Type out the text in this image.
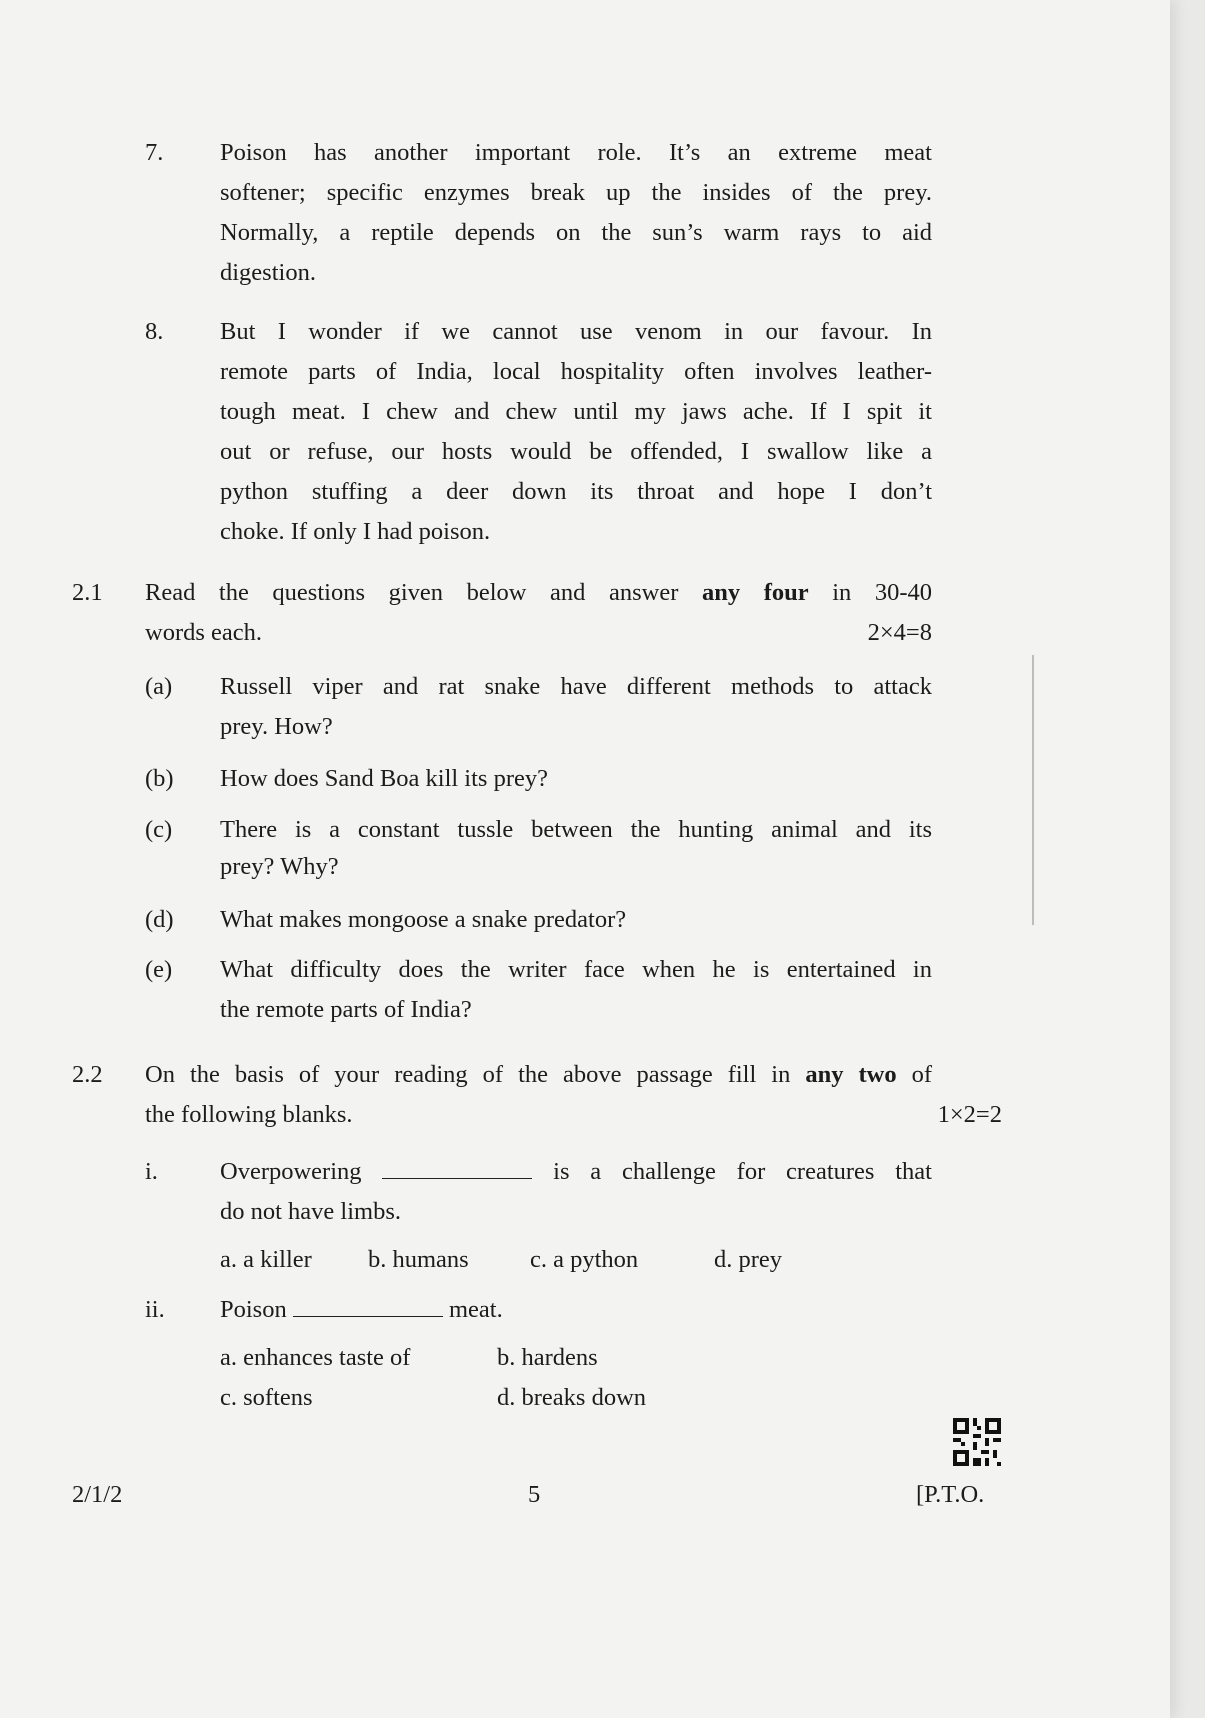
7. Poison has another important role. It’s an extreme meat
softener; specific enzymes break up the insides of the prey.
Normally, a reptile depends on the sun’s warm rays to aid
digestion.
8. But I wonder if we cannot use venom in our favour. In
remote parts of India, local hospitality often involves leather-
tough meat. I chew and chew until my jaws ache. If I spit it
out or refuse, our hosts would be offended, I swallow like a
python stuffing a deer down its throat and hope I don’t
choke. If only I had poison.
2.1 Read the questions given below and answer any four in 30-40
words each.	2×4=8
(a) Russell viper and rat snake have different methods to attack
prey. How?
(b) How does Sand Boa kill its prey?
(c) There is a constant tussle between the hunting animal and its
prey? Why?
(d) What makes mongoose a snake predator?
(e) What difficulty does the writer face when he is entertained in
the remote parts of India?
2.2 On the basis of your reading of the above passage fill in any two of
the following blanks.	1×2=2
i.	Overpowering	is a challenge for creatures that
do not have limbs.
a. a killer b. humans	c. a python	d. prey
ii. Poison	meat.
a. enhances taste of	b. hardens
c. softens	d. breaks down
2/1/2	5	[P.T.O.
